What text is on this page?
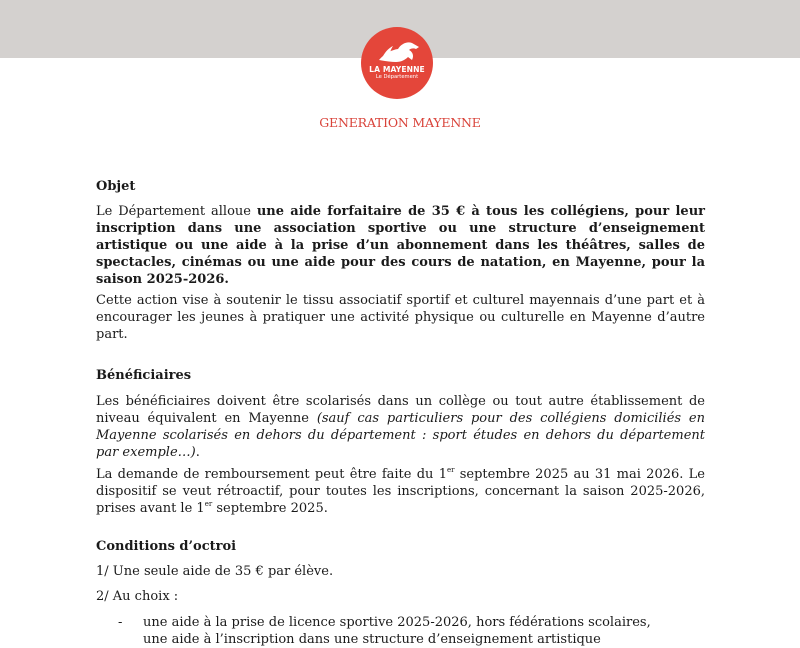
LA MAYENNE
Le Département
GENERATION MAYENNE

Objet

Le Département alloue une aide forfaitaire de 35 € à tous les collégiens, pour leur inscription dans une association sportive ou une structure d’enseignement artistique ou une aide à la prise d’un abonnement dans les théâtres, salles de spectacles, cinémas ou une aide pour des cours de natation, en Mayenne, pour la saison 2025-2026.

Cette action vise à soutenir le tissu associatif sportif et culturel mayennais d’une part et à encourager les jeunes à pratiquer une activité physique ou culturelle en Mayenne d’autre part.

Bénéficiaires

Les bénéficiaires doivent être scolarisés dans un collège ou tout autre établissement de niveau équivalent en Mayenne (sauf cas particuliers pour des collégiens domiciliés en Mayenne scolarisés en dehors du département : sport études en dehors du département par exemple…).

La demande de remboursement peut être faite du 1er septembre 2025 au 31 mai 2026. Le dispositif se veut rétroactif, pour toutes les inscriptions, concernant la saison 2025-2026, prises avant le 1er septembre 2025.

Conditions d’octroi

1/ Une seule aide de 35 € par élève.

2/ Au choix :

- une aide à la prise de licence sportive 2025-2026, hors fédérations scolaires,

une aide à l’inscription dans une structure d’enseignement artistique
